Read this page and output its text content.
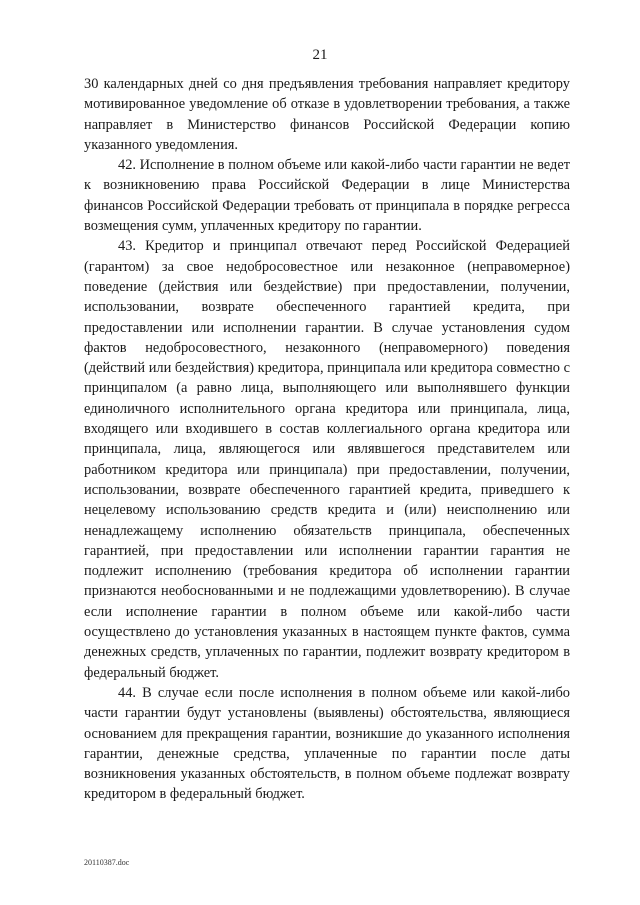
21

30 календарных дней со дня предъявления требования направляет кредитору мотивированное уведомление об отказе в удовлетворении требования, а также направляет в Министерство финансов Российской Федерации копию указанного уведомления.

42. Исполнение в полном объеме или какой-либо части гарантии не ведет к возникновению права Российской Федерации в лице Министерства финансов Российской Федерации требовать от принципала в порядке регресса возмещения сумм, уплаченных кредитору по гарантии.

43. Кредитор и принципал отвечают перед Российской Федерацией (гарантом) за свое недобросовестное или незаконное (неправомерное) поведение (действия или бездействие) при предоставлении, получении, использовании, возврате обеспеченного гарантией кредита, при предоставлении или исполнении гарантии. В случае установления судом фактов недобросовестного, незаконного (неправомерного) поведения (действий или бездействия) кредитора, принципала или кредитора совместно с принципалом (а равно лица, выполняющего или выполнявшего функции единоличного исполнительного органа кредитора или принципала, лица, входящего или входившего в состав коллегиального органа кредитора или принципала, лица, являющегося или являвшегося представителем или работником кредитора или принципала) при предоставлении, получении, использовании, возврате обеспеченного гарантией кредита, приведшего к нецелевому использованию средств кредита и (или) неисполнению или ненадлежащему исполнению обязательств принципала, обеспеченных гарантией, при предоставлении или исполнении гарантии гарантия не подлежит исполнению (требования кредитора об исполнении гарантии признаются необоснованными и не подлежащими удовлетворению). В случае если исполнение гарантии в полном объеме или какой-либо части осуществлено до установления указанных в настоящем пункте фактов, сумма денежных средств, уплаченных по гарантии, подлежит возврату кредитором в федеральный бюджет.

44. В случае если после исполнения в полном объеме или какой-либо части гарантии будут установлены (выявлены) обстоятельства, являющиеся основанием для прекращения гарантии, возникшие до указанного исполнения гарантии, денежные средства, уплаченные по гарантии после даты возникновения указанных обстоятельств, в полном объеме подлежат возврату кредитором в федеральный бюджет.

20110387.doc
